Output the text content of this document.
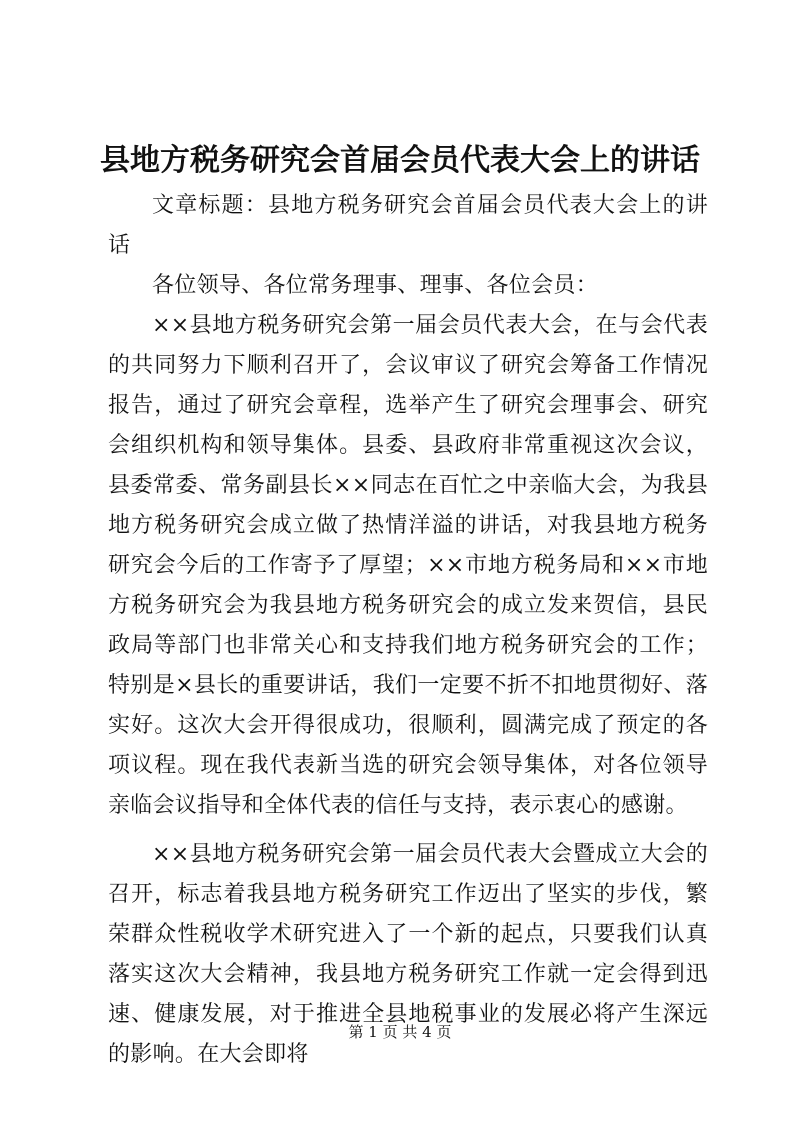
县地方税务研究会首届会员代表大会上的讲话

文章标题：县地方税务研究会首届会员代表大会上的讲话

各位领导、各位常务理事、理事、各位会员：

××县地方税务研究会第一届会员代表大会，在与会代表的共同努力下顺利召开了，会议审议了研究会筹备工作情况报告，通过了研究会章程，选举产生了研究会理事会、研究会组织机构和领导集体。县委、县政府非常重视这次会议，县委常委、常务副县长××同志在百忙之中亲临大会，为我县地方税务研究会成立做了热情洋溢的讲话，对我县地方税务研究会今后的工作寄予了厚望；××市地方税务局和××市地方税务研究会为我县地方税务研究会的成立发来贺信，县民政局等部门也非常关心和支持我们地方税务研究会的工作；特别是×县长的重要讲话，我们一定要不折不扣地贯彻好、落实好。这次大会开得很成功，很顺利，圆满完成了预定的各项议程。现在我代表新当选的研究会领导集体，对各位领导亲临会议指导和全体代表的信任与支持，表示衷心的感谢。

××县地方税务研究会第一届会员代表大会暨成立大会的召开，标志着我县地方税务研究工作迈出了坚实的步伐，繁荣群众性税收学术研究进入了一个新的起点，只要我们认真落实这次大会精神，我县地方税务研究工作就一定会得到迅速、健康发展，对于推进全县地税事业的发展必将产生深远的影响。在大会即将

第 1 页 共 4 页
